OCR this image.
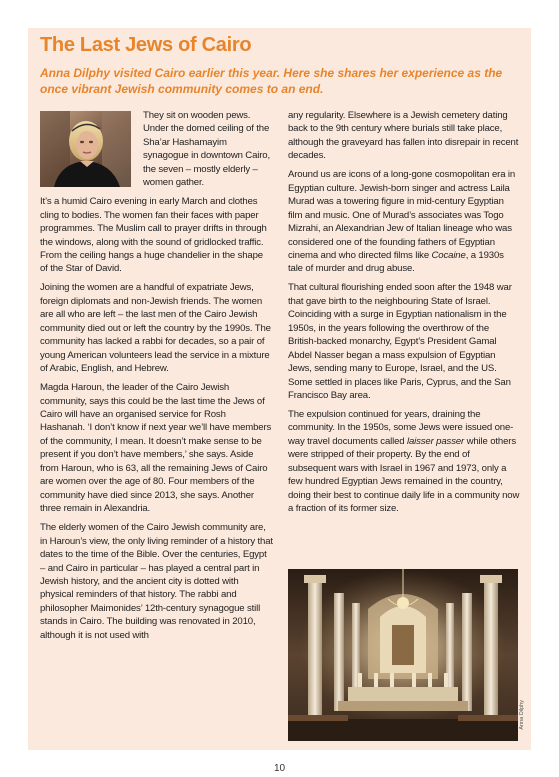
The Last Jews of Cairo

Anna Dilphy visited Cairo earlier this year. Here she shares her experience as the once vibrant Jewish community comes to an end.

They sit on wooden pews. Under the domed ceiling of the Sha’ar Hashamayim synagogue in downtown Cairo, the seven – mostly elderly – women gather.

It’s a humid Cairo evening in early March and clothes cling to bodies. The women fan their faces with paper programmes. The Muslim call to prayer drifts in through the windows, along with the sound of gridlocked traffic. From the ceiling hangs a huge chandelier in the shape of the Star of David.

Joining the women are a handful of expatriate Jews, foreign diplomats and non-Jewish friends. The women are all who are left – the last men of the Cairo Jewish community died out or left the country by the 1990s. The community has lacked a rabbi for decades, so a pair of young American volunteers lead the service in a mixture of Arabic, English, and Hebrew.

Magda Haroun, the leader of the Cairo Jewish community, says this could be the last time the Jews of Cairo will have an organised service for Rosh Hashanah. ‘I don’t know if next year we’ll have members of the community, I mean. It doesn’t make sense to be present if you don’t have members,’ she says. Aside from Haroun, who is 63, all the remaining Jews of Cairo are women over the age of 80. Four members of the community have died since 2013, she says. Another three remain in Alexandria.

The elderly women of the Cairo Jewish community are, in Haroun’s view, the only living reminder of a history that dates to the time of the Bible. Over the centuries, Egypt – and Cairo in particular – has played a central part in Jewish history, and the ancient city is dotted with physical reminders of that history. The rabbi and philosopher Maimonides’ 12th-century synagogue still stands in Cairo. The building was renovated in 2010, although it is not used with

any regularity. Elsewhere is a Jewish cemetery dating back to the 9th century where burials still take place, although the graveyard has fallen into disrepair in recent decades.

Around us are icons of a long-gone cosmopolitan era in Egyptian culture. Jewish-born singer and actress Laila Murad was a towering figure in mid-century Egyptian film and music. One of Murad’s associates was Togo Mizrahi, an Alexandrian Jew of Italian lineage who was considered one of the founding fathers of Egyptian cinema and who directed films like Cocaine, a 1930s tale of murder and drug abuse.

That cultural flourishing ended soon after the 1948 war that gave birth to the neighbouring State of Israel. Coinciding with a surge in Egyptian nationalism in the 1950s, in the years following the overthrow of the British-backed monarchy, Egypt’s President Gamal Abdel Nasser began a mass expulsion of Egyptian Jews, sending many to Europe, Israel, and the US. Some settled in places like Paris, Cyprus, and the San Francisco Bay area.

The expulsion continued for years, draining the community. In the 1950s, some Jews were issued one-way travel documents called laisser passer while others were stripped of their property. By the end of subsequent wars with Israel in 1967 and 1973, only a few hundred Egyptian Jews remained in the country, doing their best to continue daily life in a community now a fraction of its former size.

Anna Dilphy
10
